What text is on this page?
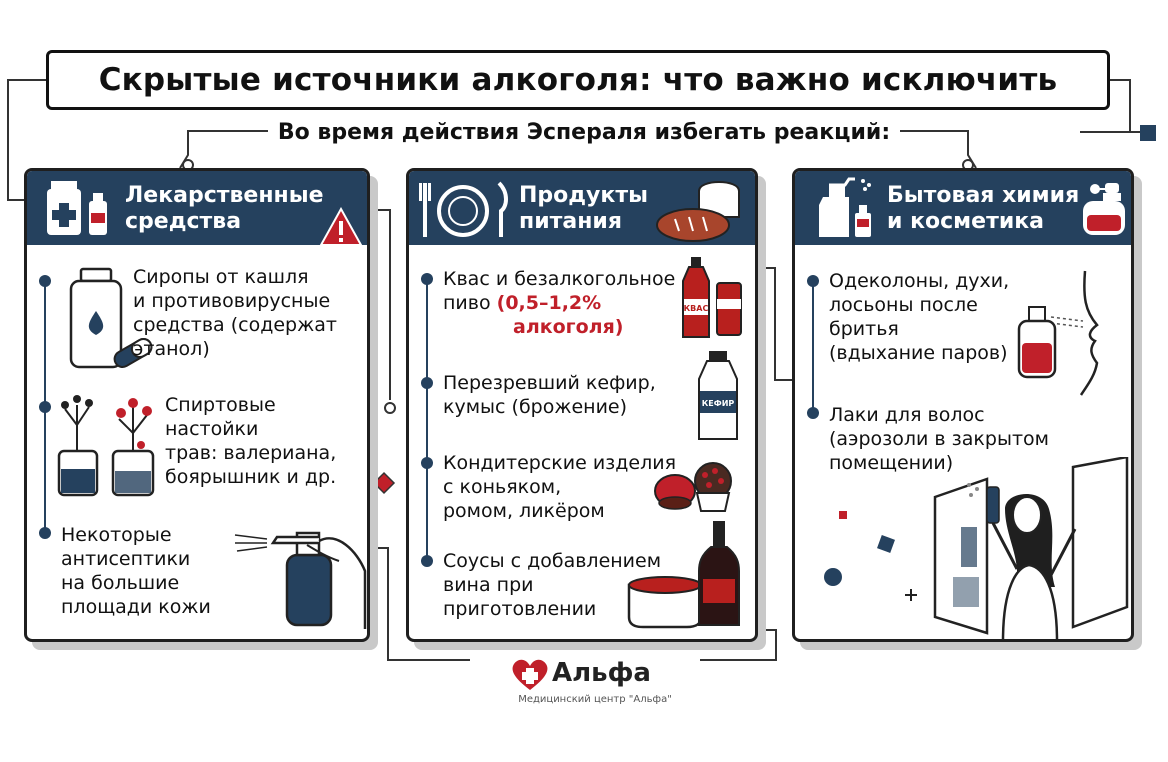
Скрытые источники алкоголя: что важно исключить
Во время действия Эсперaля избегать реакций:
Лекарственные
средства
Сиропы от кашля
и противовирусные
средства (содержат
этанол)
Спиртовые
настойки
трав: валериана,
боярышник и др.
Некоторые
антисептики
на большие
площади кожи
Продукты
питания
Квас и безалкогольное
пиво (0,5–1,2%
алкоголя)
КВАС
Перезревший кефир,
кумыс (брожение)	КЕФИР
Кондитерские изделия
с коньяком,
ромом, ликёром
Соусы с добавлением
вина при
приготовлении
Бытовая химия
и косметика
Одеколоны, духи,
лосьоны после
бритья
(вдыхание паров)
Лаки для волос
(аэрозоли в закрытом
помещении)
Альфа
Медицинский центр "Альфа"
